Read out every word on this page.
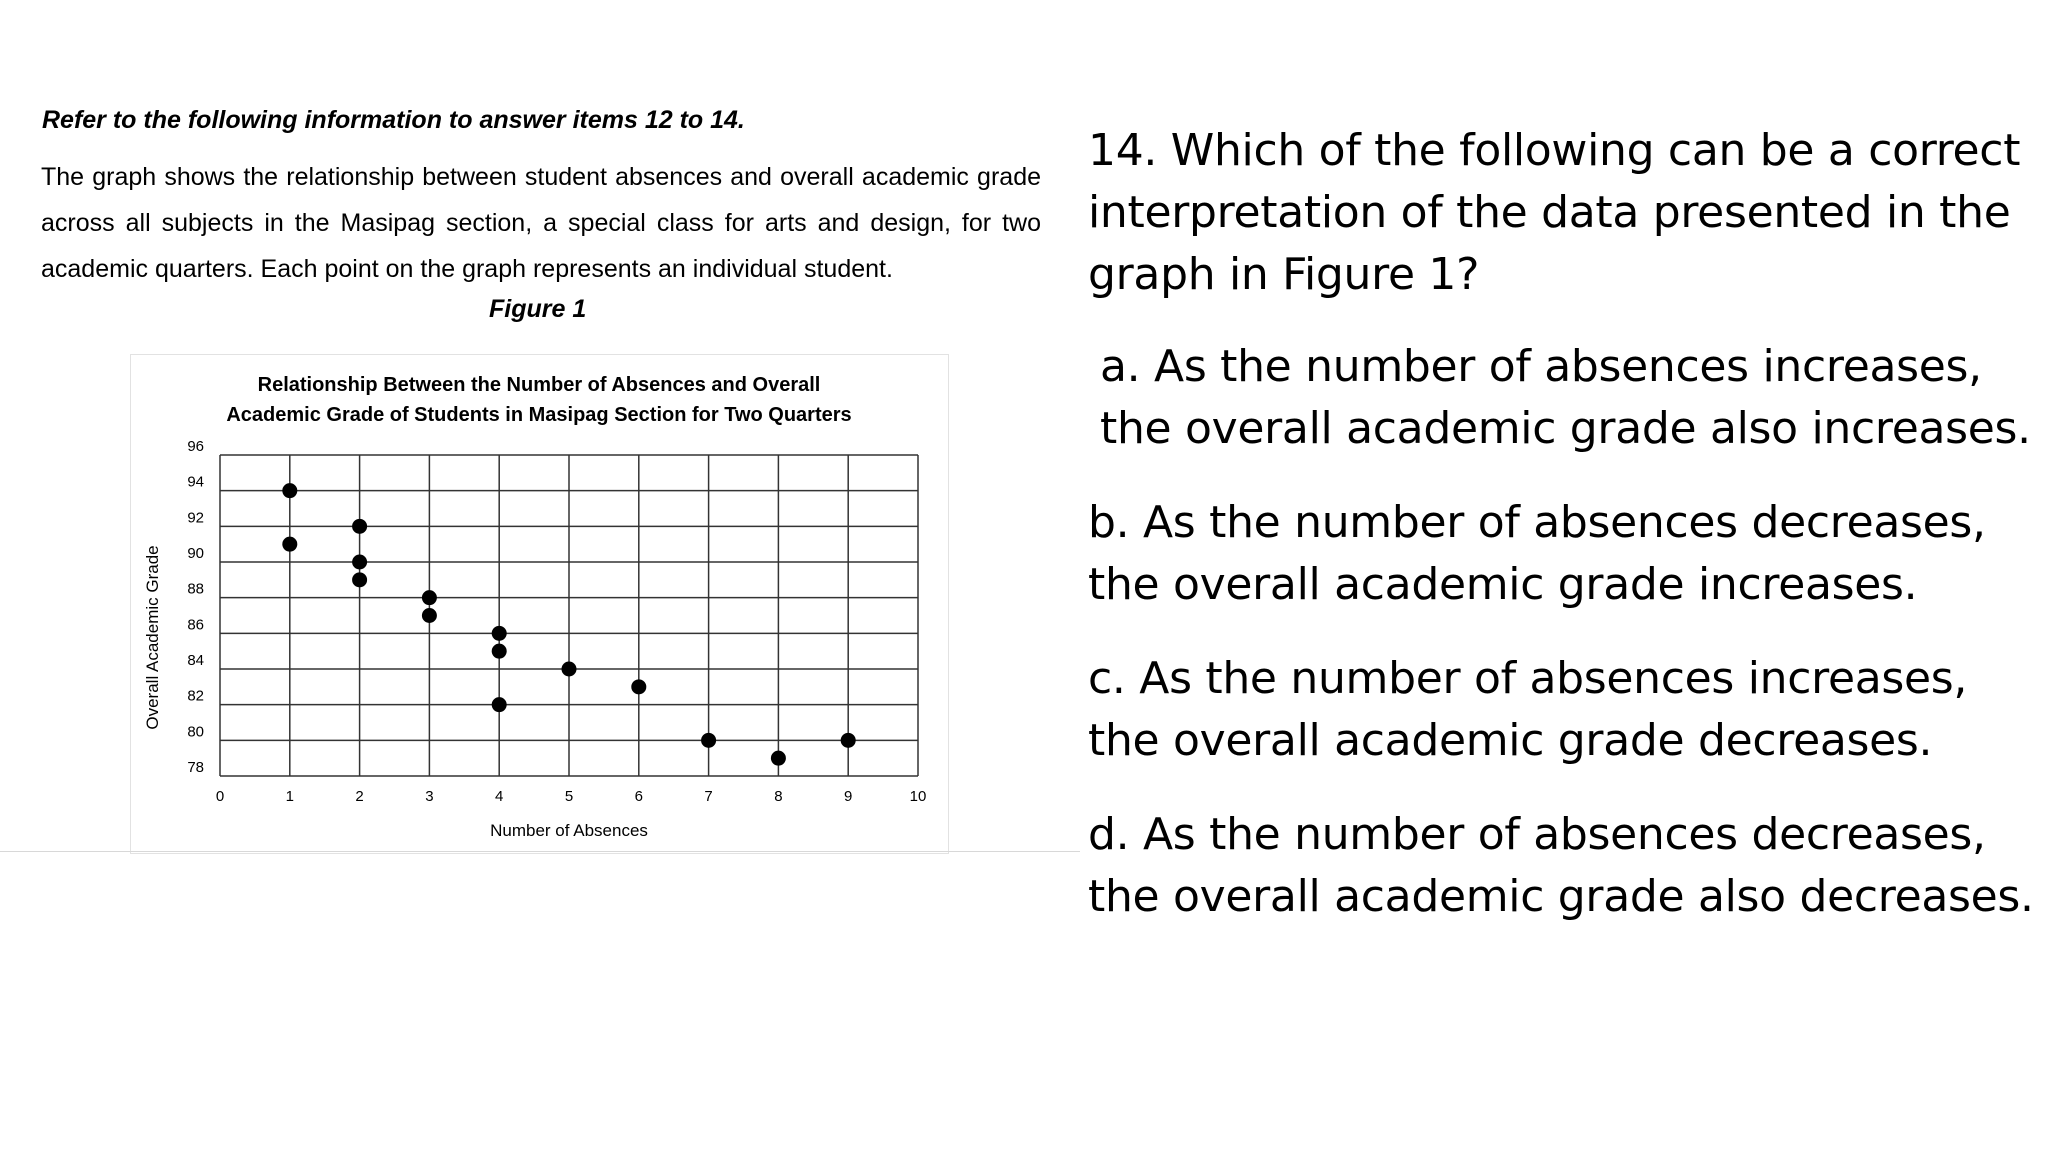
Refer to the following information to answer items 12 to 14.

The graph shows the relationship between student absences and overall academic grade across all subjects in the Masipag section, a special class for arts and design, for two academic quarters. Each point on the graph represents an individual student.

Figure 1
Relationship Between the Number of Absences and Overall
Academic Grade of Students in Masipag Section for Two Quarters
0	1	2	3	4	5	6	7	8	9	10
78
80
82
84
86
88
90
92
94
96
Number of Absences
Overall Academic Grade

14. Which of the following can be a correct interpretation of the data presented in the graph in Figure 1?

a. As the number of absences increases, the overall academic grade also increases.

b. As the number of absences decreases, the overall academic grade increases.

c. As the number of absences increases, the overall academic grade decreases.

d. As the number of absences decreases, the overall academic grade also decreases.
